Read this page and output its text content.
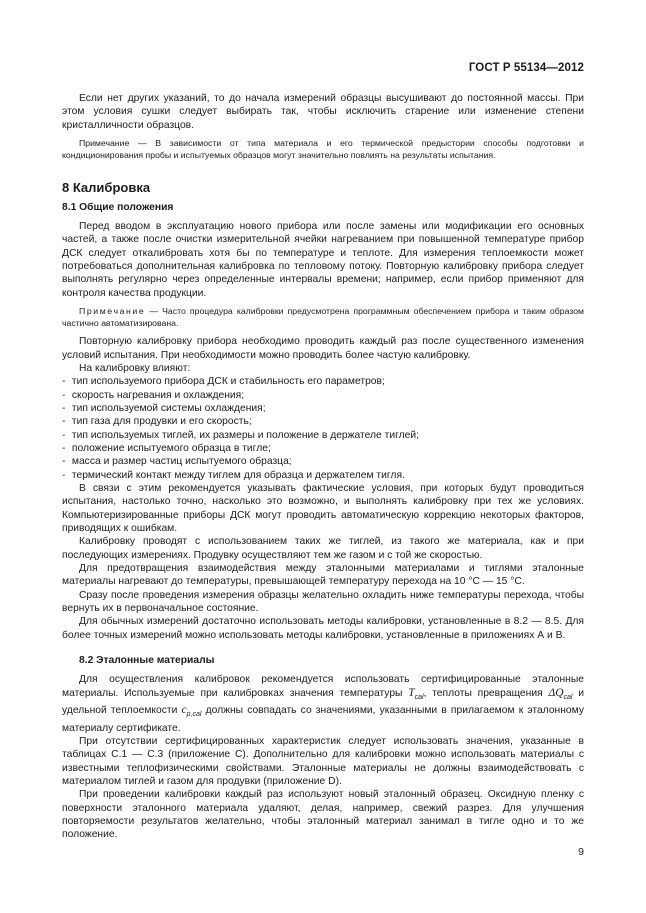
ГОСТ Р 55134—2012

Если нет других указаний, то до начала измерений образцы высушивают до постоянной массы. При этом условия сушки следует выбирать так, чтобы исключить старение или изменение степени кристалличности образцов.

Примечание — В зависимости от типа материала и его термической предыстории способы подготовки и кондиционирования пробы и испытуемых образцов могут значительно повлиять на результаты испытания.

8 Калибровка

8.1 Общие положения

Перед вводом в эксплуатацию нового прибора или после замены или модификации его основных частей, а также после очистки измерительной ячейки нагреванием при повышенной температуре прибор ДСК следует откалибровать хотя бы по температуре и теплоте. Для измерения теплоемкости может потребоваться дополнительная калибровка по тепловому потоку. Повторную калибровку прибора следует выполнять регулярно через определенные интервалы времени; например, если прибор применяют для контроля качества продукции.

Примечание — Часто процедура калибровки предусмотрена программным обеспечением прибора и таким образом частично автоматизирована.

Повторную калибровку прибора необходимо проводить каждый раз после существенного изменения условий испытания. При необходимости можно проводить более частую калибровку.

На калибровку влияют:

- тип используемого прибора ДСК и стабильность его параметров;

- скорость нагревания и охлаждения;

- тип используемой системы охлаждения;

- тип газа для продувки и его скорость;

- тип используемых тиглей, их размеры и положение в держателе тиглей;

- положение испытуемого образца в тигле;

- масса и размер частиц испытуемого образца;

- термический контакт между тиглем для образца и держателем тигля.

В связи с этим рекомендуется указывать фактические условия, при которых будут проводиться испытания, настолько точно, насколько это возможно, и выполнять калибровку при тех же условиях. Компьютеризированные приборы ДСК могут проводить автоматическую коррекцию некоторых факторов, приводящих к ошибкам.

Калибровку проводят с использованием таких же тиглей, из такого же материала, как и при последующих измерениях. Продувку осуществляют тем же газом и с той же скоростью.

Для предотвращения взаимодействия между эталонными материалами и тиглями эталонные материалы нагревают до температуры, превышающей температуру перехода на 10 °С — 15 °С.

Сразу после проведения измерения образцы желательно охладить ниже температуры перехода, чтобы вернуть их в первоначальное состояние.

Для обычных измерений достаточно использовать методы калибровки, установленные в 8.2 — 8.5. Для более точных измерений можно использовать методы калибровки, установленные в приложениях А и В.

8.2 Эталонные материалы

Для осуществления калибровок рекомендуется использовать сертифицированные эталонные материалы. Используемые при калибровках значения температуры $T_{cal}$, теплоты превращения $\Delta Q_{cal}$ и удельной теплоемкости $c_{p,cal}$ должны совпадать со значениями, указанными в прилагаемом к эталонному материалу сертификате.

При отсутствии сертифицированных характеристик следует использовать значения, указанные в таблицах С.1 — С.3 (приложение С). Дополнительно для калибровки можно использовать материалы с известными теплофизическими свойствами. Эталонные материалы не должны взаимодействовать с материалом тиглей и газом для продувки (приложение D).

При проведении калибровки каждый раз используют новый эталонный образец. Оксидную пленку с поверхности эталонного материала удаляют, делая, например, свежий разрез. Для улучшения повторяемости результатов желательно, чтобы эталонный материал занимал в тигле одно и то же положение.

9
